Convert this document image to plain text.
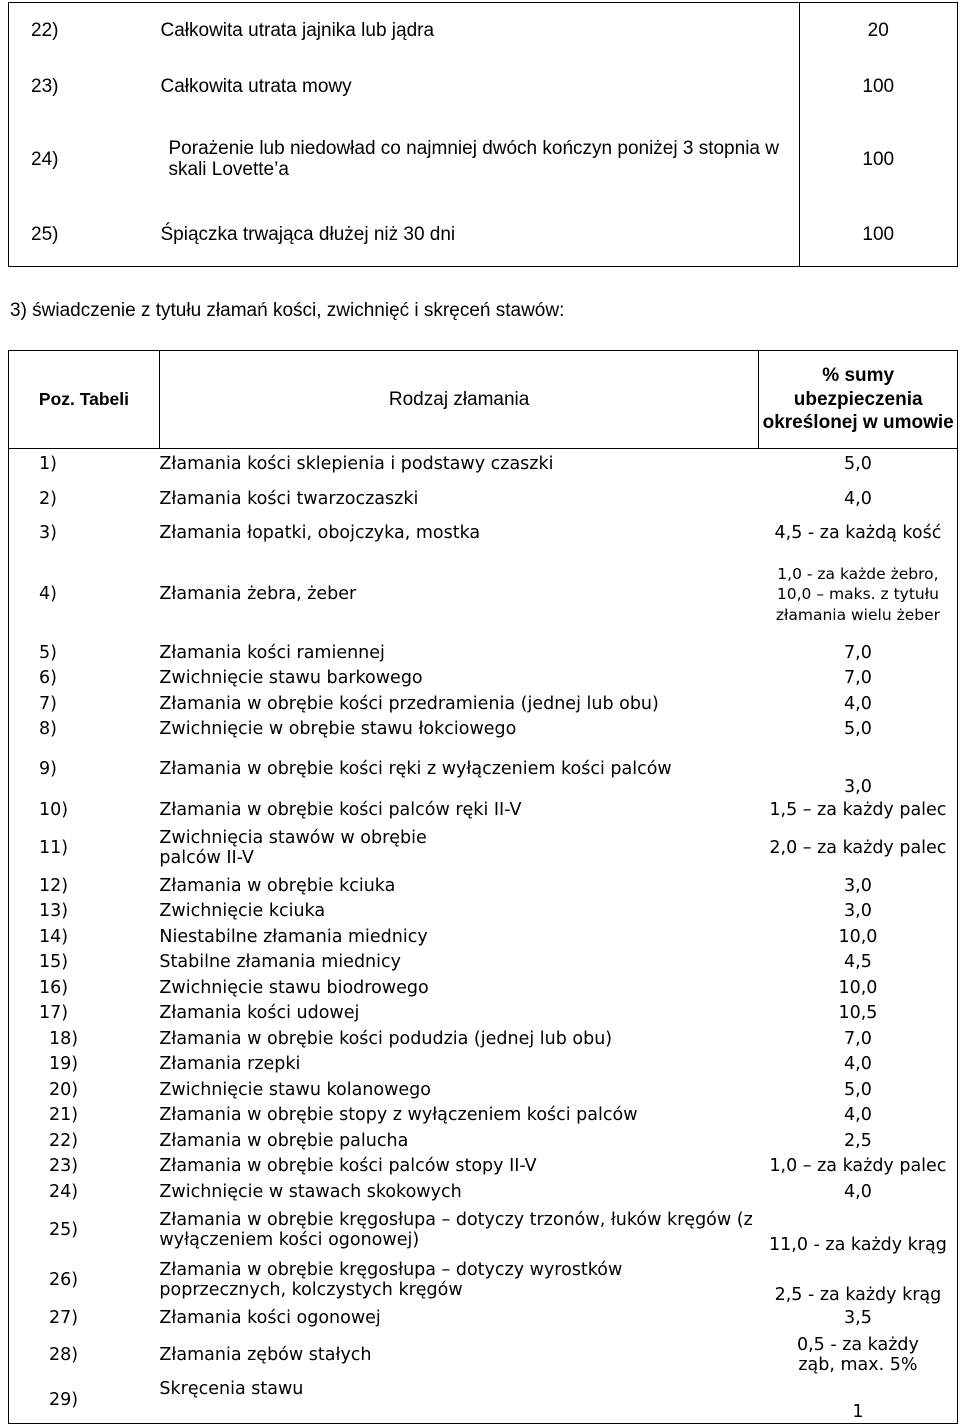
22)	Całkowita utrata jajnika lub jądra	20
23)	Całkowita utrata mowy	100
24)	Porażenie lub niedowład co najmniej dwóch kończyn poniżej 3 stopnia w skali Lovette’a	100
25)	Śpiączka trwająca dłużej niż 30 dni	100
3) świadczenie z tytułu złamań kości, zwichnięć i skręceń stawów:
Poz. Tabeli	Rodzaj złamania	% sumy ubezpieczenia określonej w umowie
1)	Złamania kości sklepienia i podstawy czaszki	5,0
2)	Złamania kości twarzoczaszki	4,0
3)	Złamania łopatki, obojczyka, mostka	4,5 - za każdą kość
4)	Złamania żebra, żeber	1,0 - za każde żebro, 10,0 – maks. z tytułu złamania wielu żeber
5)	Złamania kości ramiennej	7,0
6)	Zwichnięcie stawu barkowego	7,0
7)	Złamania w obrębie kości przedramienia (jednej lub obu)	4,0
8)	Zwichnięcie w obrębie stawu łokciowego	5,0
9)	Złamania w obrębie kości ręki z wyłączeniem kości palców	3,0
10)	Złamania w obrębie kości palców ręki II-V	1,5 – za każdy palec
11)	Zwichnięcia stawów w obrębie palców II-V	2,0 – za każdy palec
12)	Złamania w obrębie kciuka	3,0
13)	Zwichnięcie kciuka	3,0
14)	Niestabilne złamania miednicy	10,0
15)	Stabilne złamania miednicy	4,5
16)	Zwichnięcie stawu biodrowego	10,0
17)	Złamania kości udowej	10,5
18)	Złamania w obrębie kości podudzia (jednej lub obu)	7,0
19)	Złamania rzepki	4,0
20)	Zwichnięcie stawu kolanowego	5,0
21)	Złamania w obrębie stopy z wyłączeniem kości palców	4,0
22)	Złamania w obrębie palucha	2,5
23)	Złamania w obrębie kości palców stopy II-V	1,0 – za każdy palec
24)	Zwichnięcie w stawach skokowych	4,0
25)	Złamania w obrębie kręgosłupa – dotyczy trzonów, łuków kręgów (z wyłączeniem kości ogonowej)	11,0 - za każdy krąg
26)	Złamania w obrębie kręgosłupa – dotyczy wyrostków poprzecznych, kolczystych kręgów	2,5 - za każdy krąg
27)	Złamania kości ogonowej	3,5
28)	Złamania zębów stałych	0,5 - za każdy ząb, max. 5%
29)	Skręcenia stawu	1
